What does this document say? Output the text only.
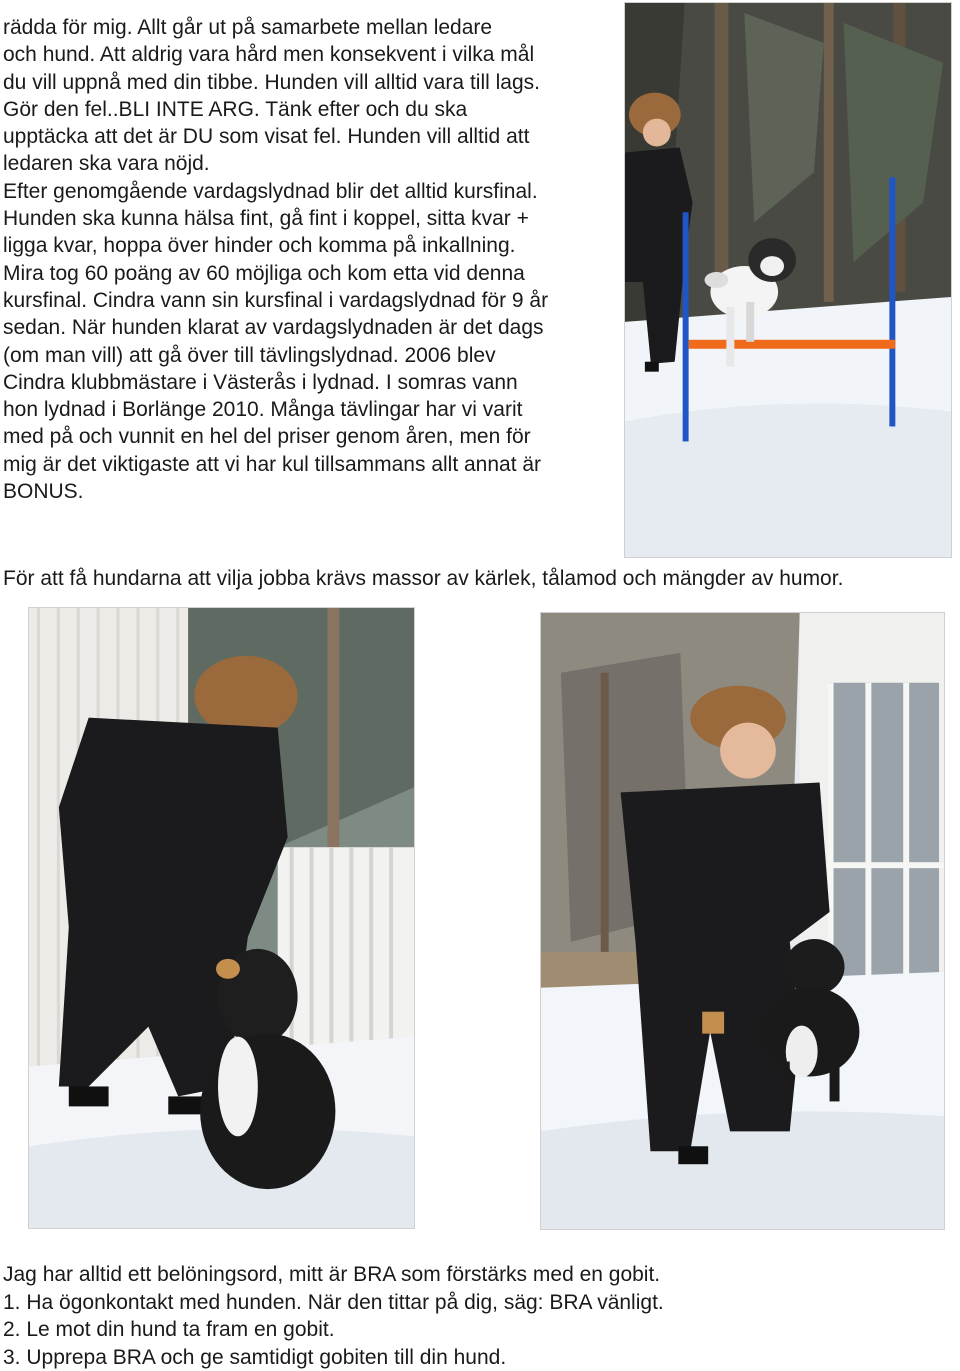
rädda för mig. Allt går ut på samarbete mellan ledare
och hund. Att aldrig vara hård men konsekvent i vilka mål
du vill uppnå med din tibbe. Hunden vill alltid vara till lags.
Gör den fel..BLI INTE ARG. Tänk efter och du ska
upptäcka att det är DU som visat fel. Hunden vill alltid att
ledaren ska vara nöjd.
Efter genomgående vardagslydnad blir det alltid kursfinal.
Hunden ska kunna hälsa fint, gå fint i koppel, sitta kvar +
ligga kvar, hoppa över hinder och komma på inkallning.
Mira tog 60 poäng av 60 möjliga och kom etta vid denna
kursfinal. Cindra vann sin kursfinal i vardagslydnad för 9 år
sedan. När hunden klarat av vardagslydnaden är det dags
(om man vill) att gå över till tävlingslydnad. 2006 blev
Cindra klubbmästare i Västerås i lydnad. I somras vann
hon lydnad i Borlänge 2010. Många tävlingar har vi varit
med på och vunnit en hel del priser genom åren, men för
mig är det viktigaste att vi har kul tillsammans allt annat är
BONUS.

För att få hundarna att vilja jobba krävs massor av kärlek, tålamod och mängder av humor.

Jag har alltid ett belöningsord, mitt är BRA som förstärks med en gobit.
1. Ha ögonkontakt med hunden. När den tittar på dig, säg: BRA vänligt.
2. Le mot din hund ta fram en gobit.
3. Upprepa BRA och ge samtidigt gobiten till din hund.
